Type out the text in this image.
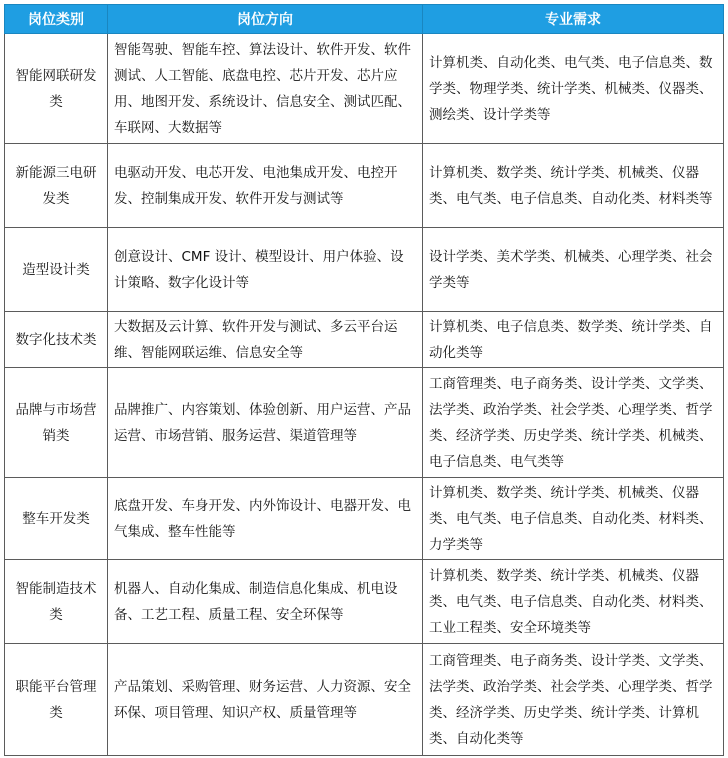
岗位类别	岗位方向	专业需求
智能网联研发类	智能驾驶、智能车控、算法设计、软件开发、软件测试、人工智能、底盘电控、芯片开发、芯片应用、地图开发、系统设计、信息安全、测试匹配、车联网、大数据等	计算机类、自动化类、电气类、电子信息类、数学类、物理学类、统计学类、机械类、仪器类、测绘类、设计学类等
新能源三电研发类	电驱动开发、电芯开发、电池集成开发、电控开发、控制集成开发、软件开发与测试等	计算机类、数学类、统计学类、机械类、仪器类、电气类、电子信息类、自动化类、材料类等
造型设计类	创意设计、CMF 设计、模型设计、用户体验、设计策略、数字化设计等	设计学类、美术学类、机械类、心理学类、社会学类等
数字化技术类	大数据及云计算、软件开发与测试、多云平台运维、智能网联运维、信息安全等	计算机类、电子信息类、数学类、统计学类、自动化类等
品牌与市场营销类	品牌推广、内容策划、体验创新、用户运营、产品运营、市场营销、服务运营、渠道管理等	工商管理类、电子商务类、设计学类、文学类、法学类、政治学类、社会学类、心理学类、哲学类、经济学类、历史学类、统计学类、机械类、电子信息类、电气类等
整车开发类	底盘开发、车身开发、内外饰设计、电器开发、电气集成、整车性能等	计算机类、数学类、统计学类、机械类、仪器类、电气类、电子信息类、自动化类、材料类、力学类等
智能制造技术类	机器人、自动化集成、制造信息化集成、机电设备、工艺工程、质量工程、安全环保等	计算机类、数学类、统计学类、机械类、仪器类、电气类、电子信息类、自动化类、材料类、工业工程类、安全环境类等
职能平台管理类	产品策划、采购管理、财务运营、人力资源、安全环保、项目管理、知识产权、质量管理等	工商管理类、电子商务类、设计学类、文学类、法学类、政治学类、社会学类、心理学类、哲学类、经济学类、历史学类、统计学类、计算机类、自动化类等
